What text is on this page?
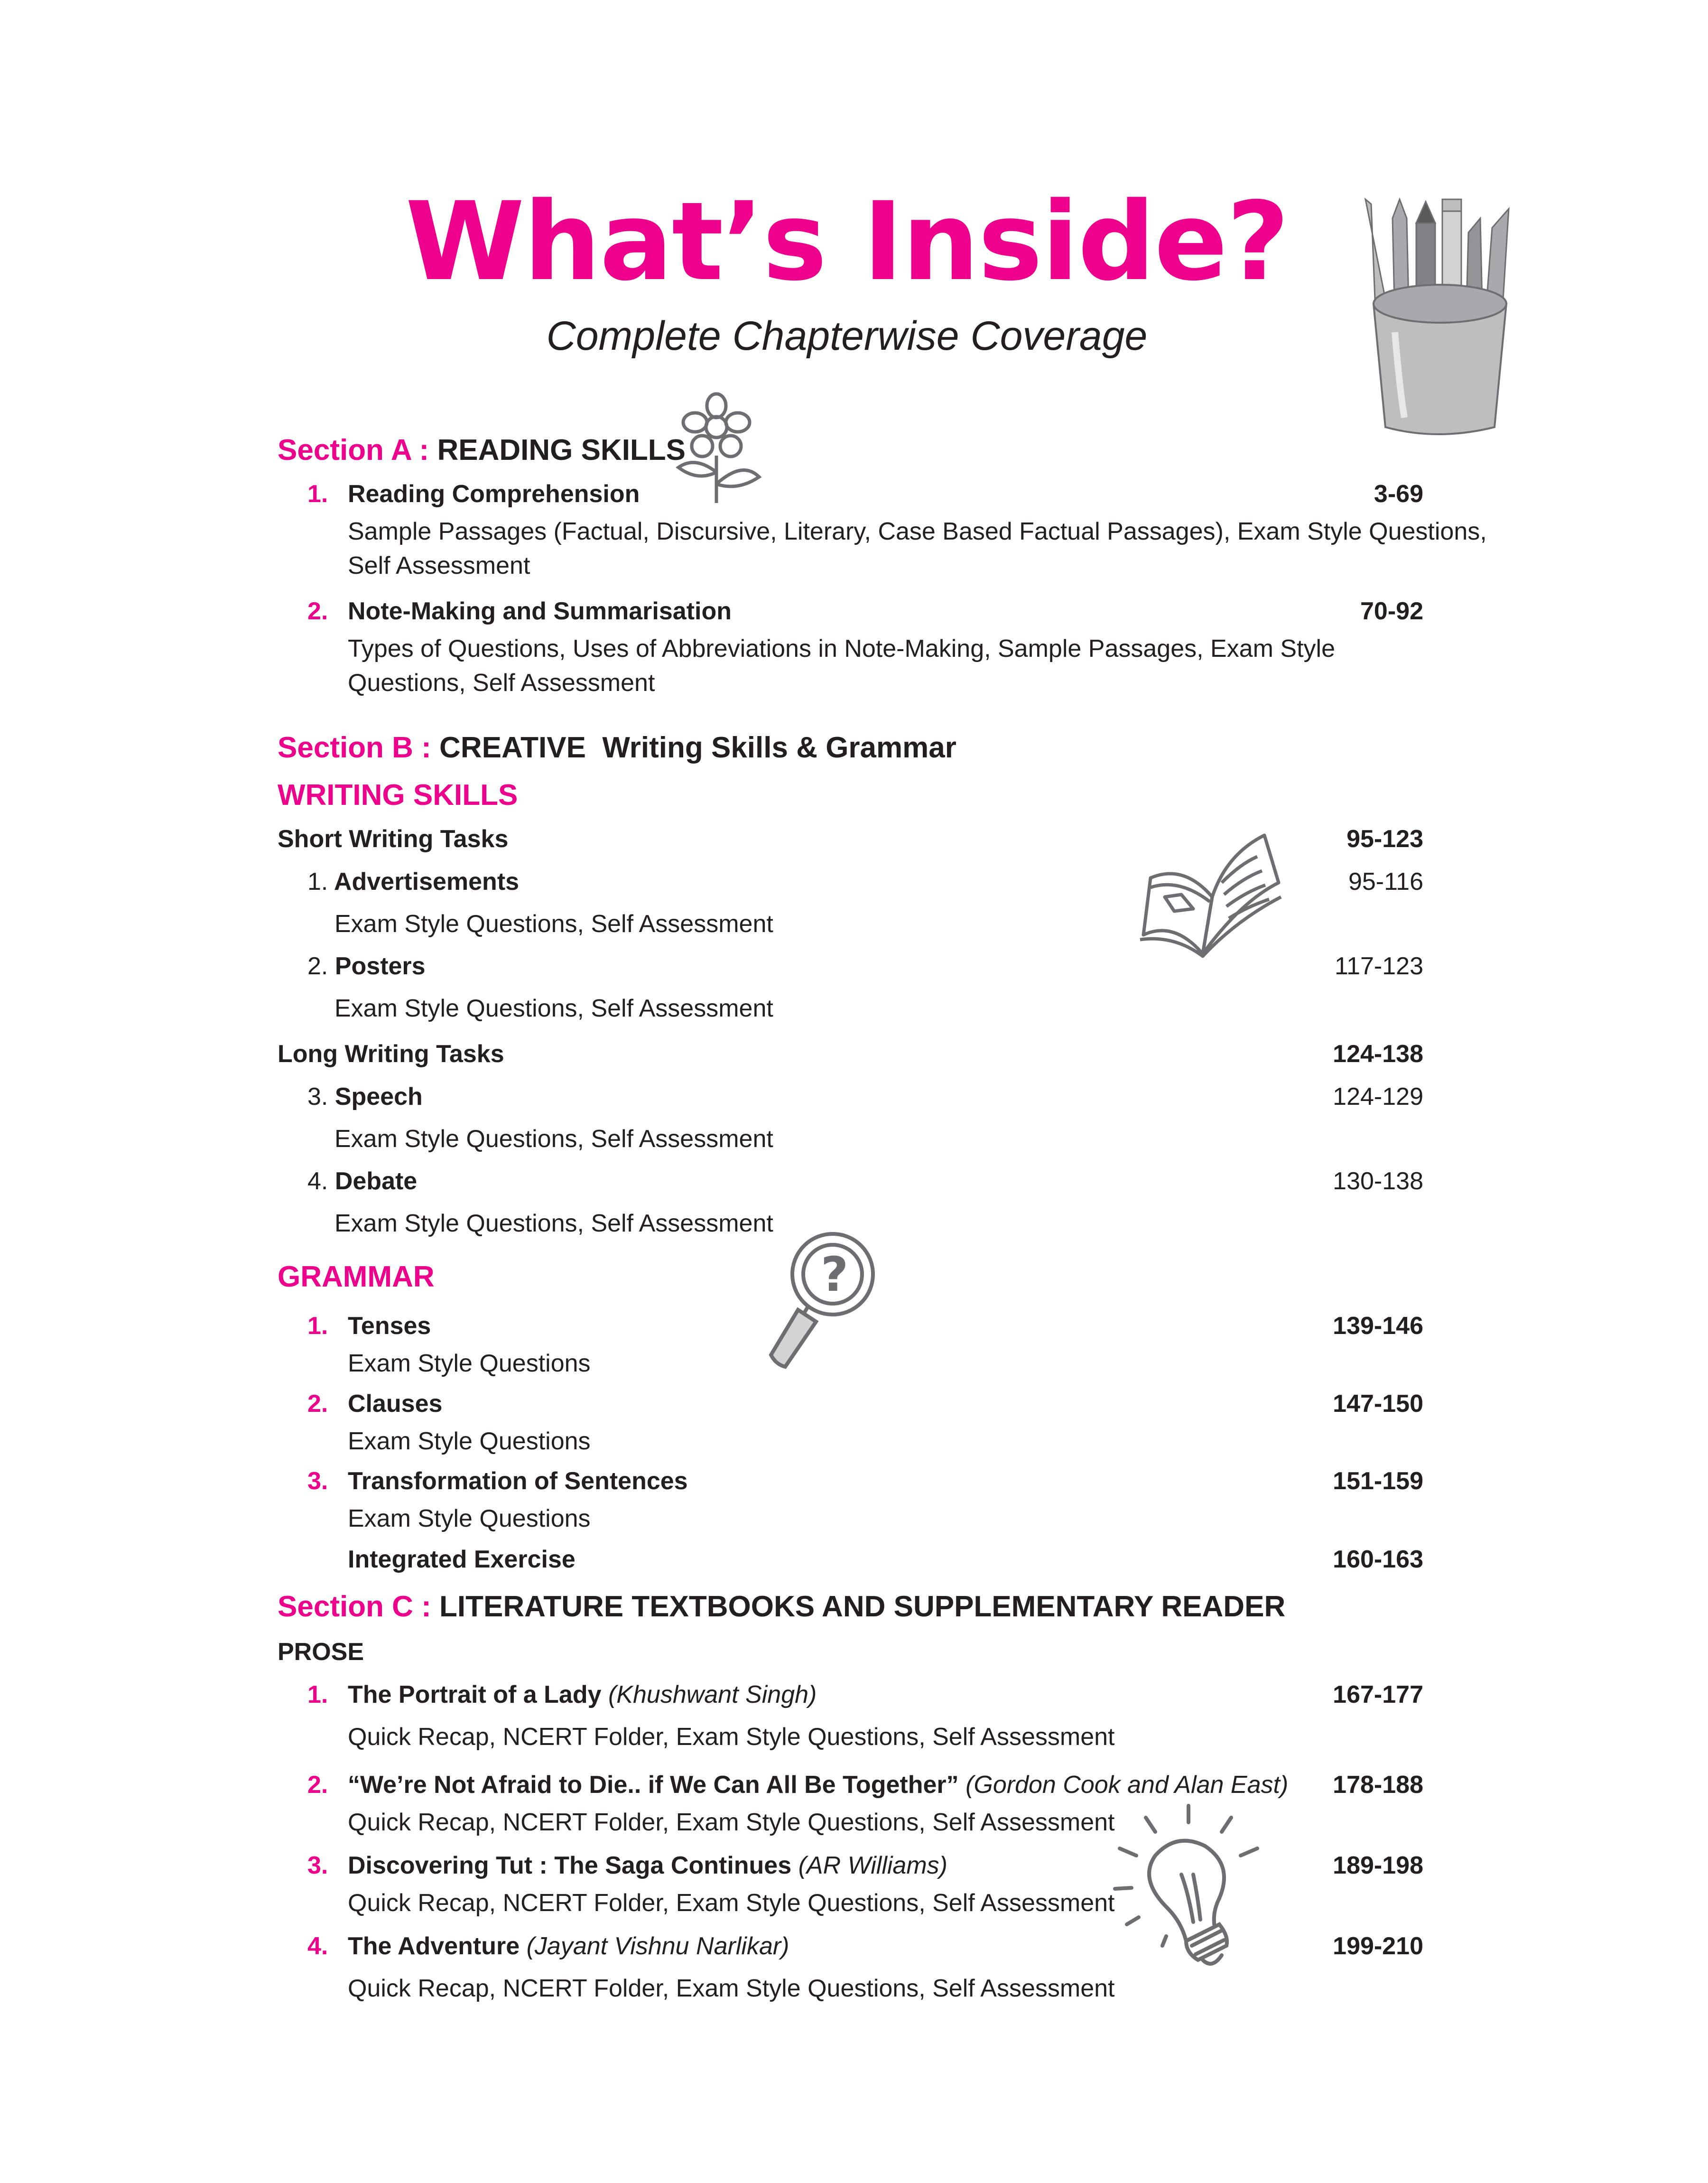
What’s Inside?
Complete Chapterwise Coverage
Section A : READING SKILLS
1. Reading Comprehension	3-69
Sample Passages (Factual, Discursive, Literary, Case Based Factual Passages), Exam Style Questions,
Self Assessment
2. Note-Making and Summarisation	70-92
Types of Questions, Uses of Abbreviations in Note-Making, Sample Passages, Exam Style
Questions, Self Assessment
Section B : CREATIVE  Writing Skills & Grammar
WRITING SKILLS
Short Writing Tasks	95-123
1. Advertisements	95-116
Exam Style Questions, Self Assessment
2. Posters	117-123
Exam Style Questions, Self Assessment
Long Writing Tasks	124-138
3. Speech	124-129
Exam Style Questions, Self Assessment
4. Debate	130-138
Exam Style Questions, Self Assessment
GRAMMAR	?
1. Tenses	139-146
Exam Style Questions
2. Clauses	147-150
Exam Style Questions
3. Transformation of Sentences	151-159
Exam Style Questions
Integrated Exercise	160-163
Section C : LITERATURE TEXTBOOKS AND SUPPLEMENTARY READER
PROSE
1. The Portrait of a Lady (Khushwant Singh)	167-177
Quick Recap, NCERT Folder, Exam Style Questions, Self Assessment
2. “We’re Not Afraid to Die.. if We Can All Be Together” (Gordon Cook and Alan East) 178-188
Quick Recap, NCERT Folder, Exam Style Questions, Self Assessment
3. Discovering Tut : The Saga Continues (AR Williams)	189-198
Quick Recap, NCERT Folder, Exam Style Questions, Self Assessment
4. The Adventure (Jayant Vishnu Narlikar)	199-210
Quick Recap, NCERT Folder, Exam Style Questions, Self Assessment
